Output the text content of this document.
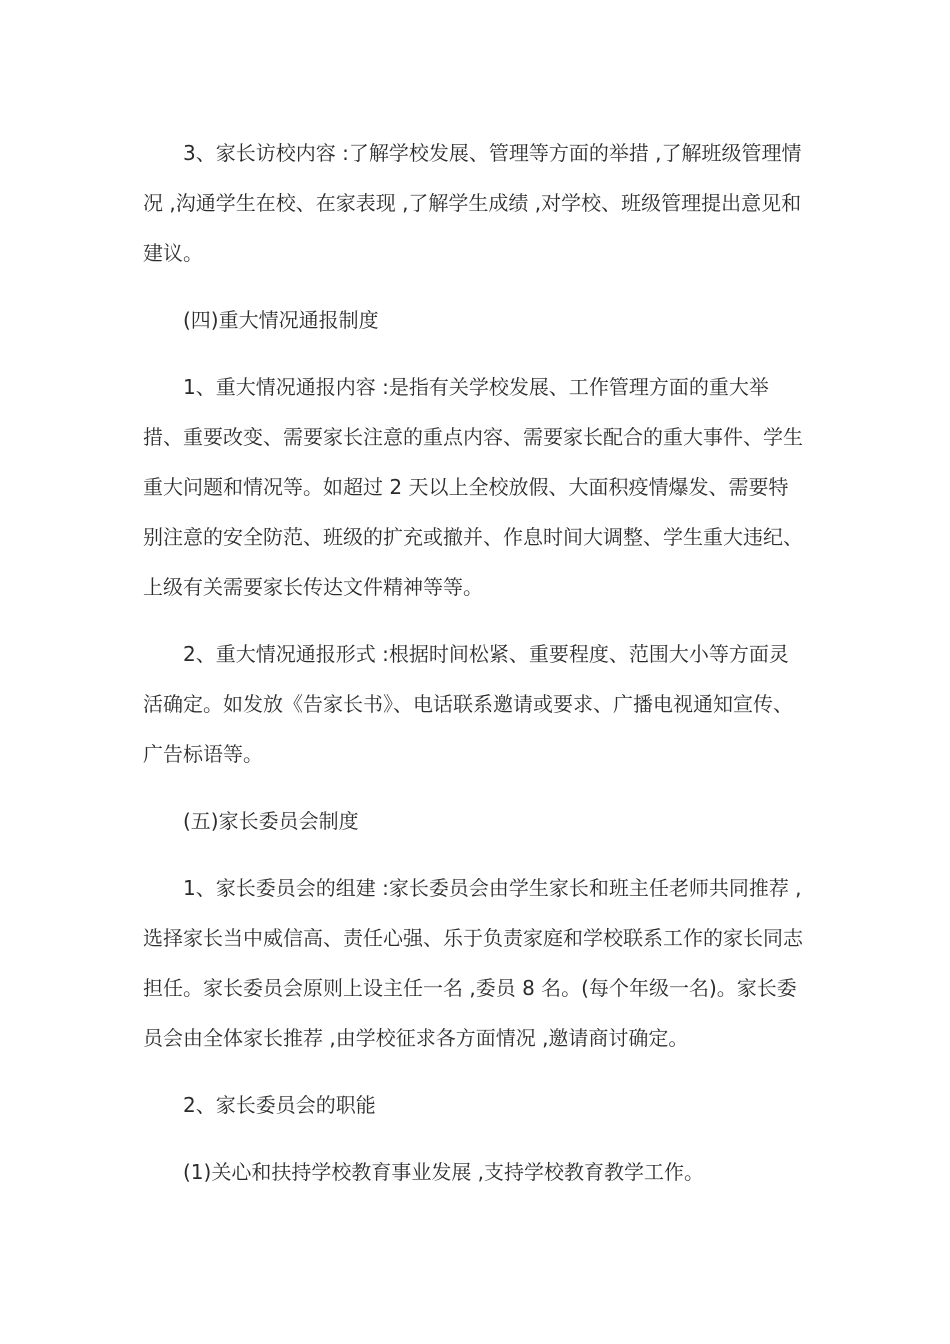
3、家长访校内容 :了解学校发展、管理等方面的举措 ,了解班级管理情况 ,沟通学生在校、在家表现 ,了解学生成绩 ,对学校、班级管理提出意见和建议。

(四)重大情况通报制度

1、重大情况通报内容 :是指有关学校发展、工作管理方面的重大举措、重要改变、需要家长注意的重点内容、需要家长配合的重大事件、学生重大问题和情况等。如超过 2 天以上全校放假、大面积疫情爆发、需要特别注意的安全防范、班级的扩充或撤并、作息时间大调整、学生重大违纪、上级有关需要家长传达文件精神等等。

2、重大情况通报形式 :根据时间松紧、重要程度、范围大小等方面灵活确定。如发放《告家长书》、电话联系邀请或要求、广播电视通知宣传、广告标语等。

(五)家长委员会制度

1、家长委员会的组建 :家长委员会由学生家长和班主任老师共同推荐 ,选择家长当中威信高、责任心强、乐于负责家庭和学校联系工作的家长同志担任。家长委员会原则上设主任一名 ,委员 8 名。(每个年级一名)。家长委员会由全体家长推荐 ,由学校征求各方面情况 ,邀请商讨确定。

2、家长委员会的职能

(1)关心和扶持学校教育事业发展 ,支持学校教育教学工作。
